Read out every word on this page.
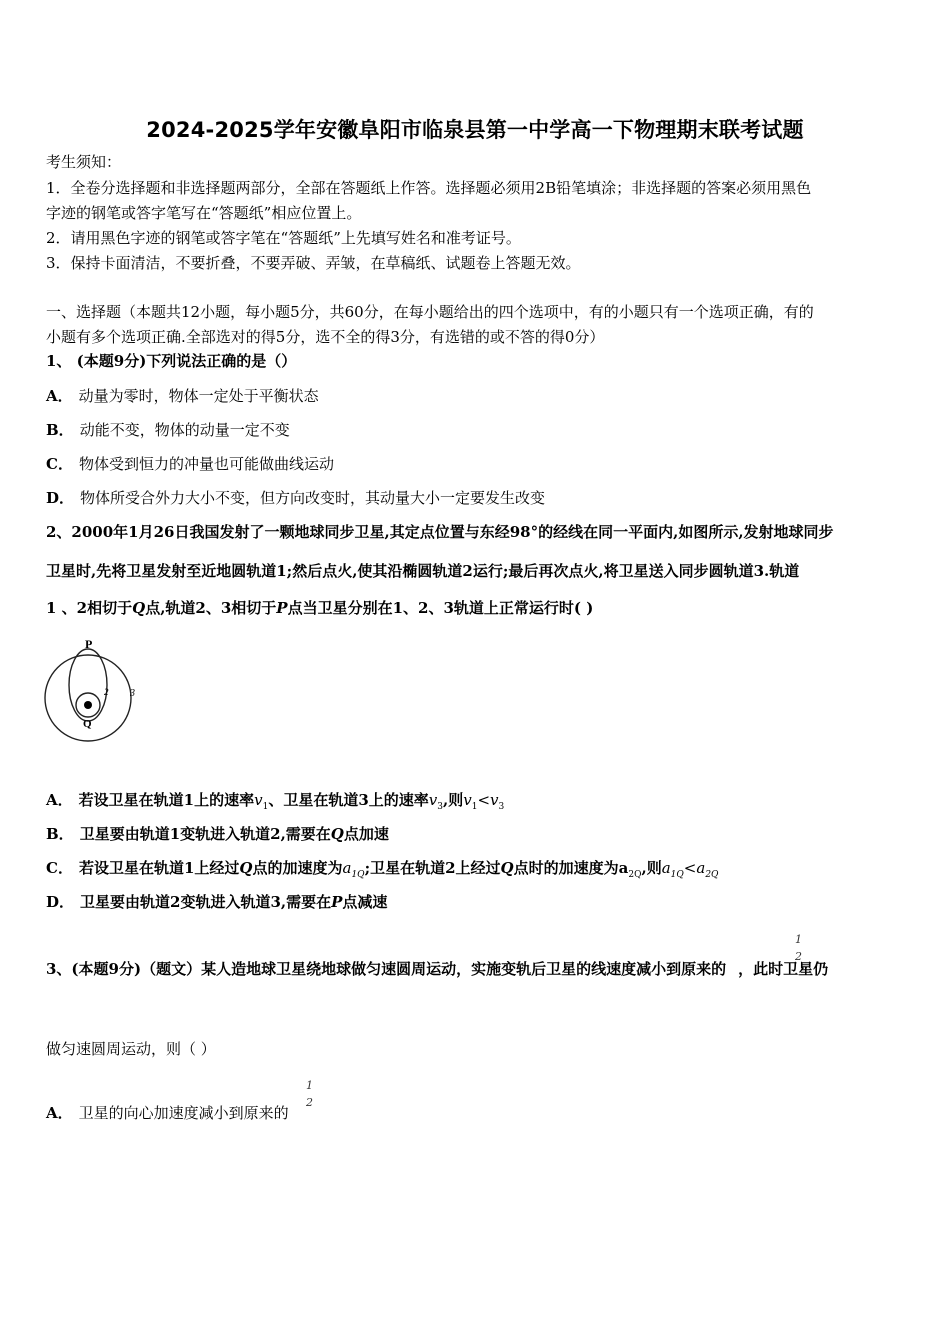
2024-2025学年安徽阜阳市临泉县第一中学高一下物理期末联考试题
考生须知：
1．全卷分选择题和非选择题两部分，全部在答题纸上作答。选择题必须用2B铅笔填涂；非选择题的答案必须用黑色
字迹的钢笔或答字笔写在“答题纸”相应位置上。
2．请用黑色字迹的钢笔或答字笔在“答题纸”上先填写姓名和准考证号。
3．保持卡面清洁，不要折叠，不要弄破、弄皱，在草稿纸、试题卷上答题无效。
一、选择题（本题共12小题，每小题5分，共60分，在每小题给出的四个选项中，有的小题只有一个选项正确，有的
小题有多个选项正确.全部选对的得5分，选不全的得3分，有选错的或不答的得0分）
1、 (本题9分)下列说法正确的是（）
A． 动量为零时，物体一定处于平衡状态
B． 动能不变，物体的动量一定不变
C． 物体受到恒力的冲量也可能做曲线运动
D． 物体所受合外力大小不变，但方向改变时，其动量大小一定要发生改变
2、2000年1月26日我国发射了一颗地球同步卫星,其定点位置与东经98°的经线在同一平面内,如图所示,发射地球同步
卫星时,先将卫星发射至近地圆轨道1;然后点火,使其沿椭圆轨道2运行;最后再次点火,将卫星送入同步圆轨道3.轨道
1 、2相切于Q点,轨道2、3相切于P点当卫星分别在1、2、3轨道上正常运行时( )
P
Q
2 3
A． 若设卫星在轨道1上的速率$v_1$、卫星在轨道3上的速率$v_3$,则$v_1<v_3$
B． 卫星要由轨道1变轨进入轨道2,需要在Q点加速
C． 若设卫星在轨道1上经过Q点的加速度为$a_{1Q}$;卫星在轨道2上经过Q点时的加速度为$a_{2Q}$,则$a_{1Q}<a_{2Q}$
D． 卫星要由轨道2变轨进入轨道3,需要在P点减速
3、(本题9分)（题文）某人造地球卫星绕地球做匀速圆周运动，实施变轨后卫星的线速度减小到原来的 ，此时卫星仍
1
2
做匀速圆周运动，则（ ）
A． 卫星的向心加速度减小到原来的
1
2
